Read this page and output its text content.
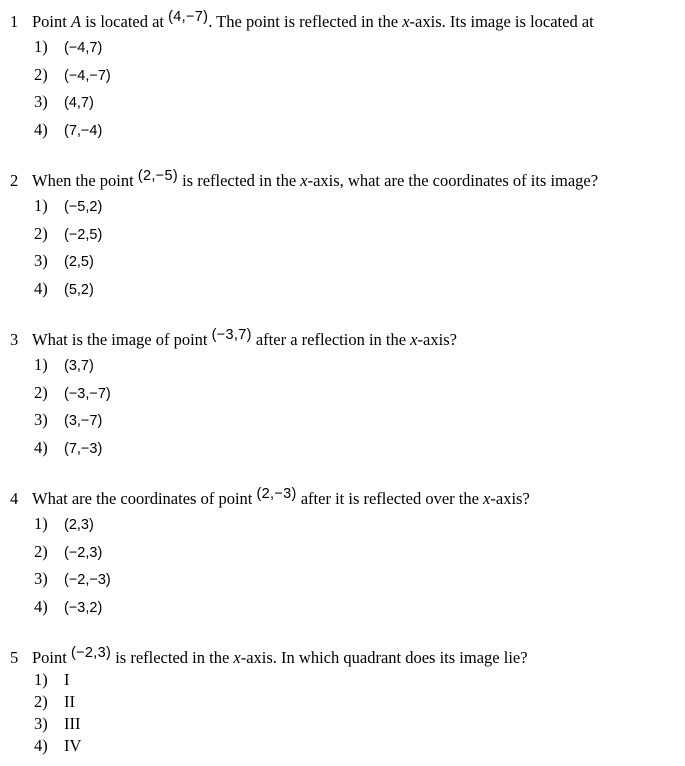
1 Point A is located at (4,−7). The point is reflected in the x-axis. Its image is located at
1) (−4,7)
2) (−4,−7)
3) (4,7)
4) (7,−4)
2 When the point (2,−5) is reflected in the x-axis, what are the coordinates of its image?
1) (−5,2)
2) (−2,5)
3) (2,5)
4) (5,2)
3 What is the image of point (−3,7) after a reflection in the x-axis?
1) (3,7)
2) (−3,−7)
3) (3,−7)
4) (7,−3)
4 What are the coordinates of point (2,−3) after it is reflected over the x-axis?
1) (2,3)
2) (−2,3)
3) (−2,−3)
4) (−3,2)
5 Point (−2,3) is reflected in the x-axis. In which quadrant does its image lie?
1) I
2) II
3) III
4) IV
